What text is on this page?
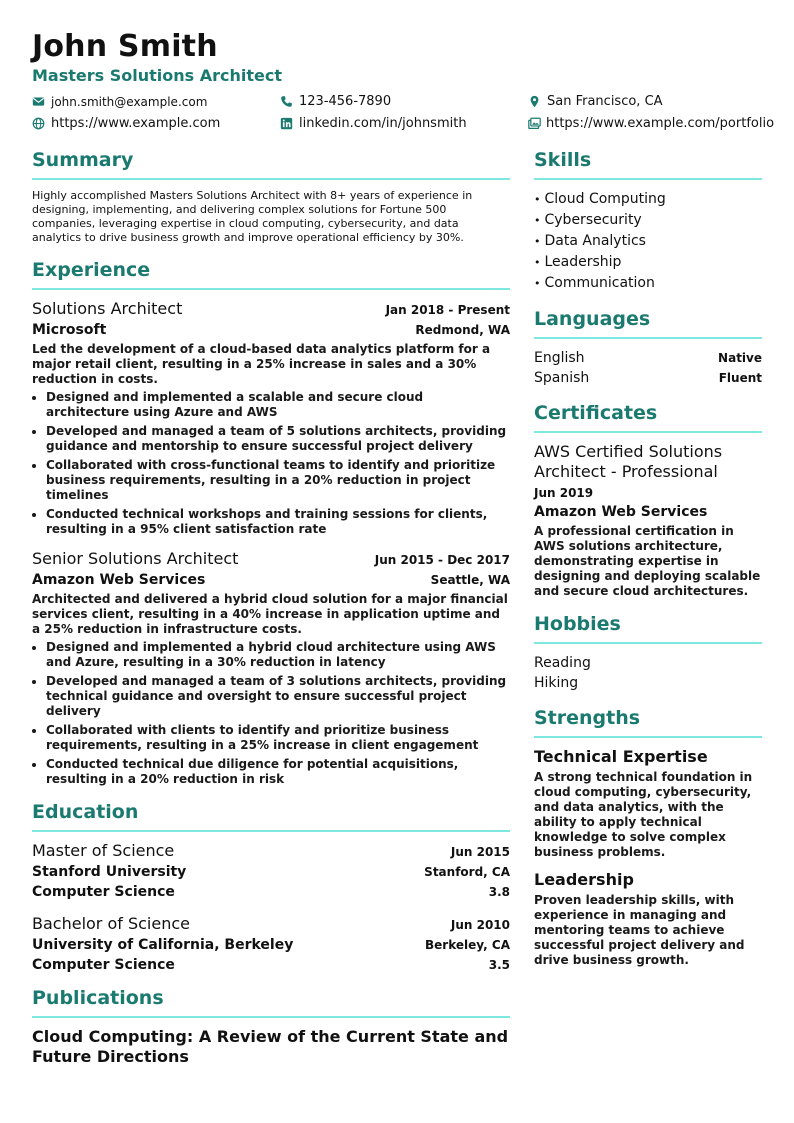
John Smith
Masters Solutions Architect
john.smith@example.com	123-456-7890	San Francisco, CA
https://www.example.com	linkedin.com/in/johnsmith	https://www.example.com/portfolio
Summary
Highly accomplished Masters Solutions Architect with 8+ years of experience in designing, implementing, and delivering complex solutions for Fortune 500 companies, leveraging expertise in cloud computing, cybersecurity, and data analytics to drive business growth and improve operational efficiency by 30%.
Experience
Solutions Architect	Jan 2018 - Present
Microsoft	Redmond, WA
Led the development of a cloud-based data analytics platform for a major retail client, resulting in a 25% increase in sales and a 30% reduction in costs.
• Designed and implemented a scalable and secure cloud architecture using Azure and AWS
• Developed and managed a team of 5 solutions architects, providing guidance and mentorship to ensure successful project delivery
• Collaborated with cross-functional teams to identify and prioritize business requirements, resulting in a 20% reduction in project timelines
• Conducted technical workshops and training sessions for clients, resulting in a 95% client satisfaction rate
Senior Solutions Architect	Jun 2015 - Dec 2017
Amazon Web Services	Seattle, WA
Architected and delivered a hybrid cloud solution for a major financial services client, resulting in a 40% increase in application uptime and a 25% reduction in infrastructure costs.
• Designed and implemented a hybrid cloud architecture using AWS and Azure, resulting in a 30% reduction in latency
• Developed and managed a team of 3 solutions architects, providing technical guidance and oversight to ensure successful project delivery
• Collaborated with clients to identify and prioritize business requirements, resulting in a 25% increase in client engagement
• Conducted technical due diligence for potential acquisitions, resulting in a 20% reduction in risk
Education
Master of Science	Jun 2015
Stanford University	Stanford, CA
Computer Science	3.8
Bachelor of Science	Jun 2010
University of California, Berkeley	Berkeley, CA
Computer Science	3.5
Publications
Cloud Computing: A Review of the Current State and Future Directions
Skills
• Cloud Computing
• Cybersecurity
• Data Analytics
• Leadership
• Communication
Languages
English	Native
Spanish	Fluent
Certificates
AWS Certified Solutions Architect - Professional
Jun 2019
Amazon Web Services
A professional certification in AWS solutions architecture, demonstrating expertise in designing and deploying scalable and secure cloud architectures.
Hobbies
Reading
Hiking
Strengths
Technical Expertise
A strong technical foundation in cloud computing, cybersecurity, and data analytics, with the ability to apply technical knowledge to solve complex business problems.
Leadership
Proven leadership skills, with experience in managing and mentoring teams to achieve successful project delivery and drive business growth.
